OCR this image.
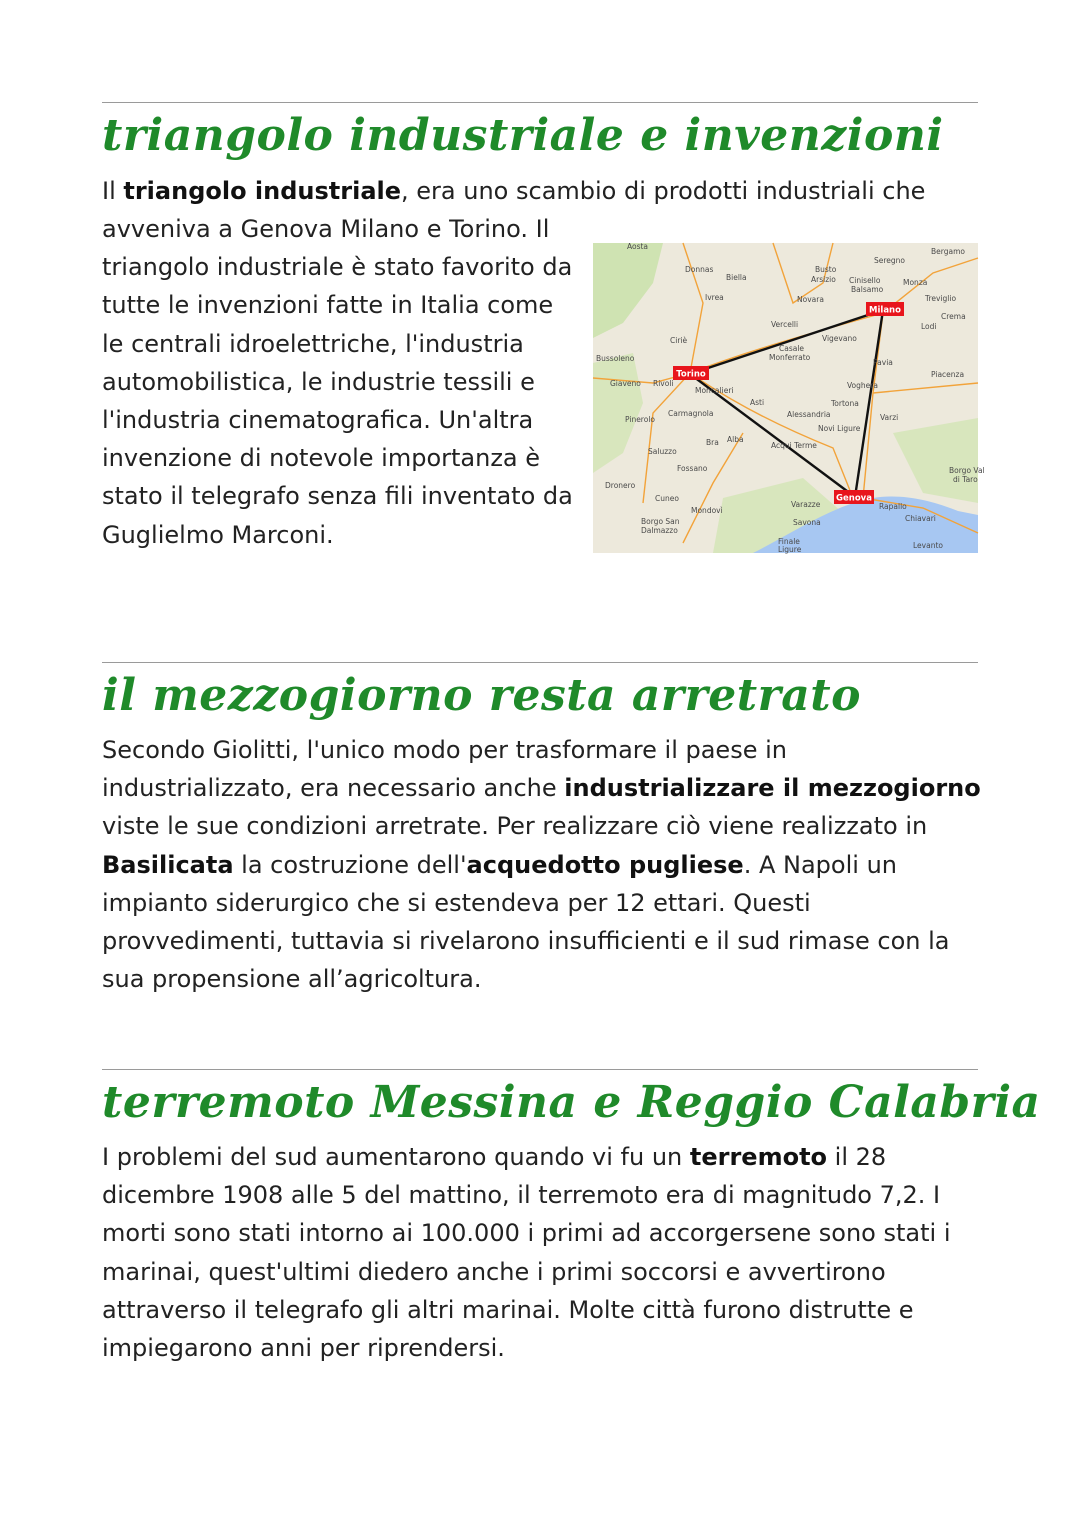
triangolo industriale e invenzioni
Il triangolo industriale, era uno scambio di prodotti industriali che
Aosta
Donnas
Biella
Ivrea
Busto
Arsizio
Seregno
Bergamo
Cinisello
Balsamo
Monza
Treviglio
Crema
Lodi
Novara
Vercelli
Ciriè	Vigevano
Casale
Monferrato
Pavia
Piacenza
Bussoleno
Giaveno Rivoli
Moncalieri
Pinerolo
Carmagnola
Asti
Voghera
Tortona
Alessandria
Novi Ligure
Acqui Terme
Varzi
Saluzzo
Bra Alba
Fossano
Dronero
Cuneo
Mondovì
Borgo San
Dalmazzo
Varazze
Savona
Finale
Ligure
Rapallo
Chiavari
Levanto
Borgo Val
di Taro
Torino
Milano
Genova
il mezzogiorno resta arretrato

Secondo Giolitti, l'unico modo per trasformare il paese in industrializzato, era necessario anche industrializzare il mezzogiorno viste le sue condizioni arretrate. Per realizzare ciò viene realizzato in Basilicata la costruzione dell'acquedotto pugliese. A Napoli un impianto siderurgico che si estendeva per 12 ettari. Questi provvedimenti, tuttavia si rivelarono insufficienti e il sud rimase con la sua propensione all’agricoltura.

terremoto Messina e Reggio Calabria

I problemi del sud aumentarono quando vi fu un terremoto il 28 dicembre 1908 alle 5 del mattino, il terremoto era di magnitudo 7,2. I morti sono stati intorno ai 100.000 i primi ad accorgersene sono stati i marinai, quest'ultimi diedero anche i primi soccorsi e avvertirono attraverso il telegrafo gli altri marinai. Molte città furono distrutte e impiegarono anni per riprendersi.

avveniva a Genova Milano e Torino. Il triangolo industriale è stato favorito da tutte le invenzioni fatte in Italia come le centrali idroelettriche, l'industria automobilistica, le industrie tessili e l'industria cinematografica. Un'altra invenzione di notevole importanza è stato il telegrafo senza fili inventato da Guglielmo Marconi.
